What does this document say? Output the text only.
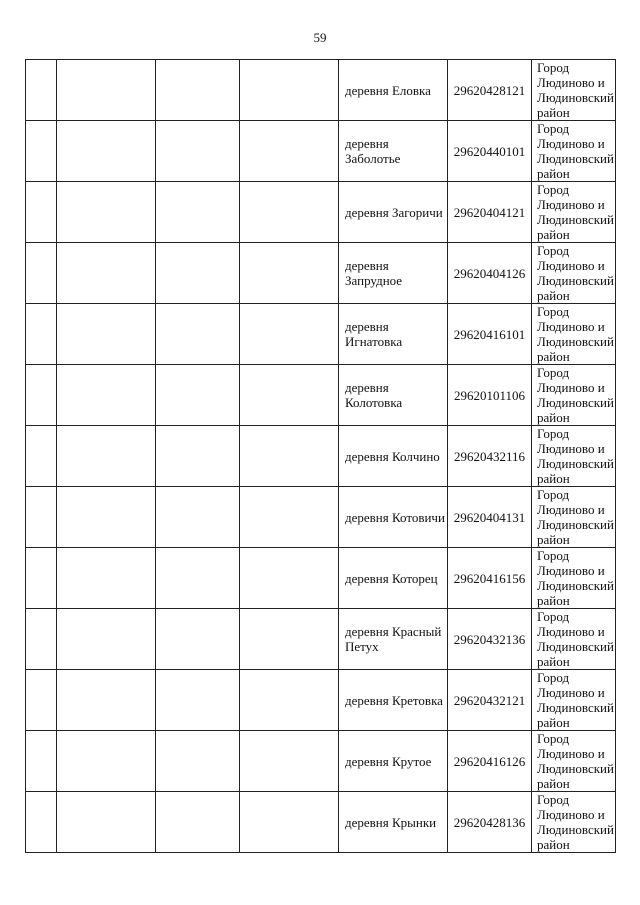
59
				деревня Еловка	29620428121	Город Людиново и Людиновский район
				деревня Заболотье	29620440101	Город Людиново и Людиновский район
				деревня Загоричи	29620404121	Город Людиново и Людиновский район
				деревня Запрудное	29620404126	Город Людиново и Людиновский район
				деревня Игнатовка	29620416101	Город Людиново и Людиновский район
				деревня Колотовка	29620101106	Город Людиново и Людиновский район
				деревня Колчино	29620432116	Город Людиново и Людиновский район
				деревня Котовичи	29620404131	Город Людиново и Людиновский район
				деревня Которец	29620416156	Город Людиново и Людиновский район
				деревня Красный Петух	29620432136	Город Людиново и Людиновский район
				деревня Кретовка	29620432121	Город Людиново и Людиновский район
				деревня Крутое	29620416126	Город Людиново и Людиновский район
				деревня Крынки	29620428136	Город Людиново и Людиновский район
